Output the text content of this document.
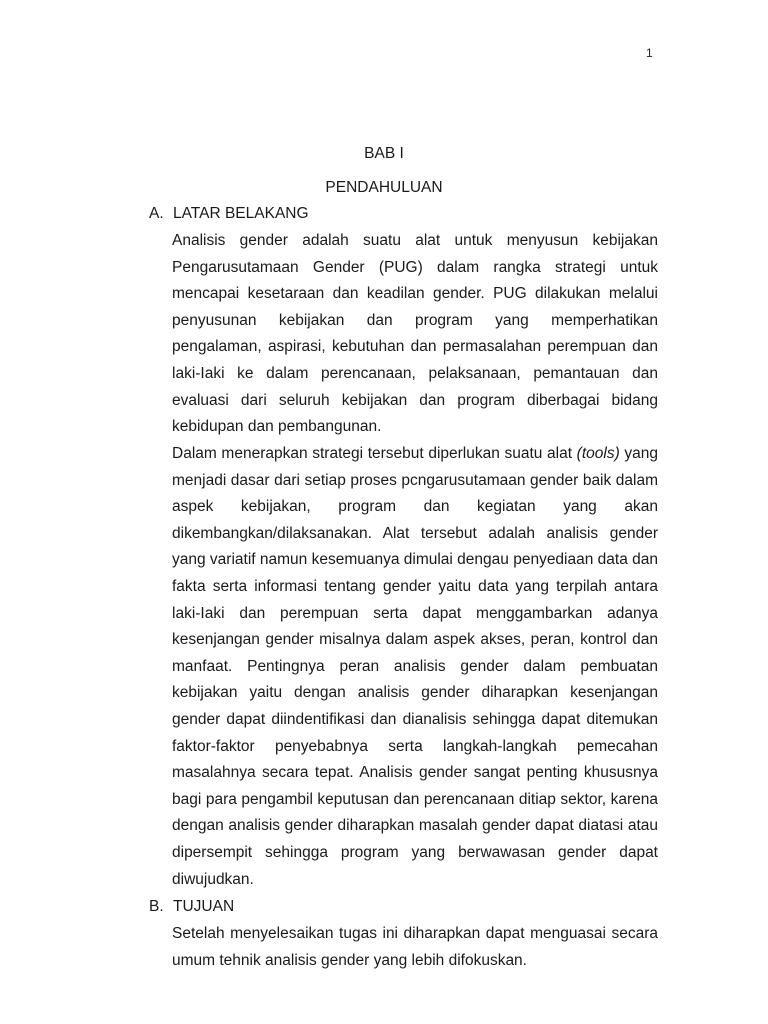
1
BAB I
PENDAHULUAN
A. LATAR BELAKANG
Analisis gender adalah suatu alat untuk menyusun kebijakan
Pengarusutamaan Gender (PUG) dalam rangka strategi untuk
mencapai kesetaraan dan keadilan gender. PUG dilakukan melalui
penyusunan kebijakan dan program yang memperhatikan
pengalaman, aspirasi, kebutuhan dan permasalahan perempuan dan
laki-Iaki ke dalam perencanaan, pelaksanaan, pemantauan dan
evaluasi dari seluruh kebijakan dan program diberbagai bidang
kebidupan dan pembangunan.
Dalam menerapkan strategi tersebut diperlukan suatu alat (tools) yang
menjadi dasar dari setiap proses pcngarusutamaan gender baik dalam
aspek kebijakan, program dan kegiatan yang akan
dikembangkan/dilaksanakan. Alat tersebut adalah analisis gender
yang variatif namun kesemuanya dimulai dengau penyediaan data dan
fakta serta informasi tentang gender yaitu data yang terpilah antara
laki-Iaki dan perempuan serta dapat menggambarkan adanya
kesenjangan gender misalnya dalam aspek akses, peran, kontrol dan
manfaat. Pentingnya peran analisis gender dalam pembuatan
kebijakan yaitu dengan analisis gender diharapkan kesenjangan
gender dapat diindentifikasi dan dianalisis sehingga dapat ditemukan
faktor-faktor penyebabnya serta langkah-langkah pemecahan
masalahnya secara tepat. Analisis gender sangat penting khususnya
bagi para pengambil keputusan dan perencanaan ditiap sektor, karena
dengan analisis gender diharapkan masalah gender dapat diatasi atau
dipersempit sehingga program yang berwawasan gender dapat
diwujudkan.
B. TUJUAN
Setelah menyelesaikan tugas ini diharapkan dapat menguasai secara
umum tehnik analisis gender yang lebih difokuskan.
